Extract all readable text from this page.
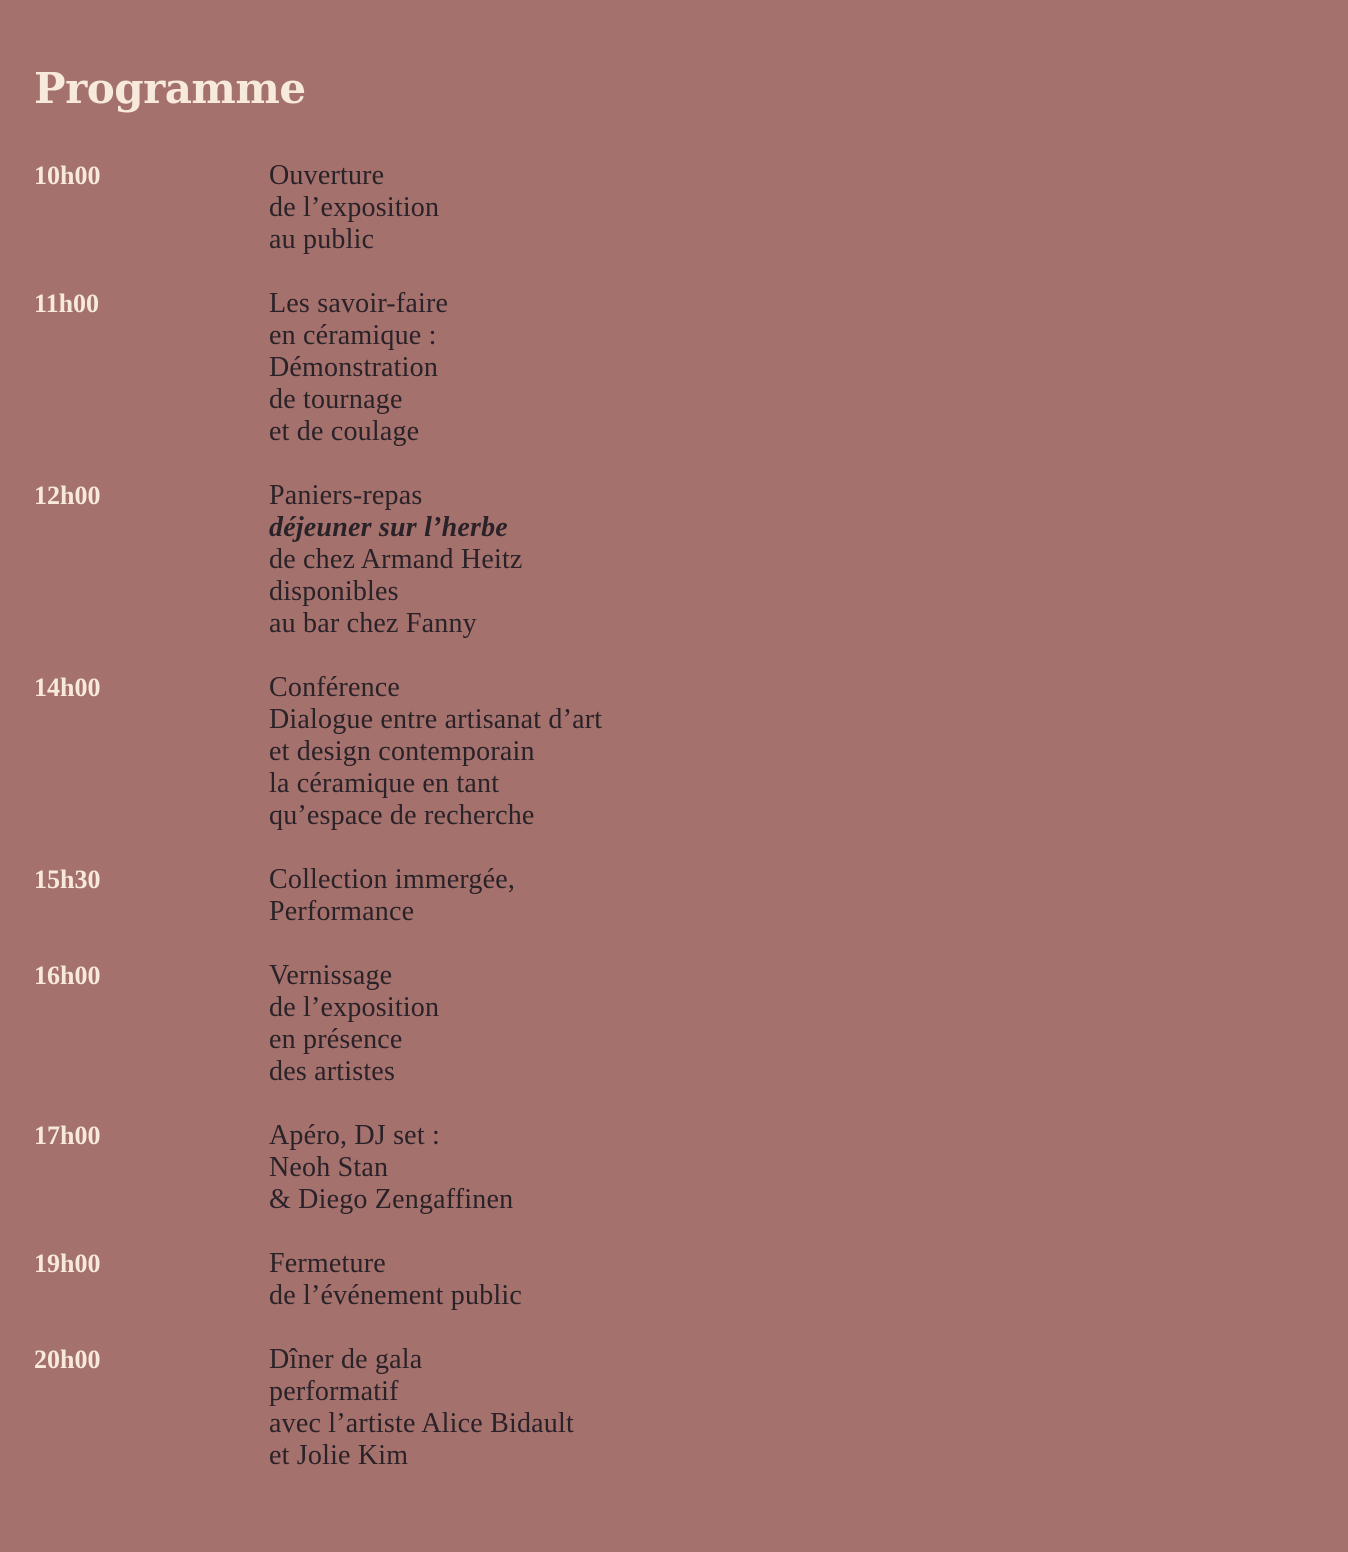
Programme
10h00	Ouverture
de l’exposition
au public
11h00	Les savoir-faire
en céramique :
Démonstration
de tournage
et de coulage
12h00	Paniers-repas
déjeuner sur l’herbe
de chez Armand Heitz
disponibles
au bar chez Fanny
14h00	Conférence
Dialogue entre artisanat d’art
et design contemporain
la céramique en tant
qu’espace de recherche
15h30	Collection immergée,
Performance
16h00	Vernissage
de l’exposition
en présence
des artistes
17h00	Apéro, DJ set :
Neoh Stan
& Diego Zengaffinen
19h00	Fermeture
de l’événement public
20h00	Dîner de gala
performatif
avec l’artiste Alice Bidault
et Jolie Kim
